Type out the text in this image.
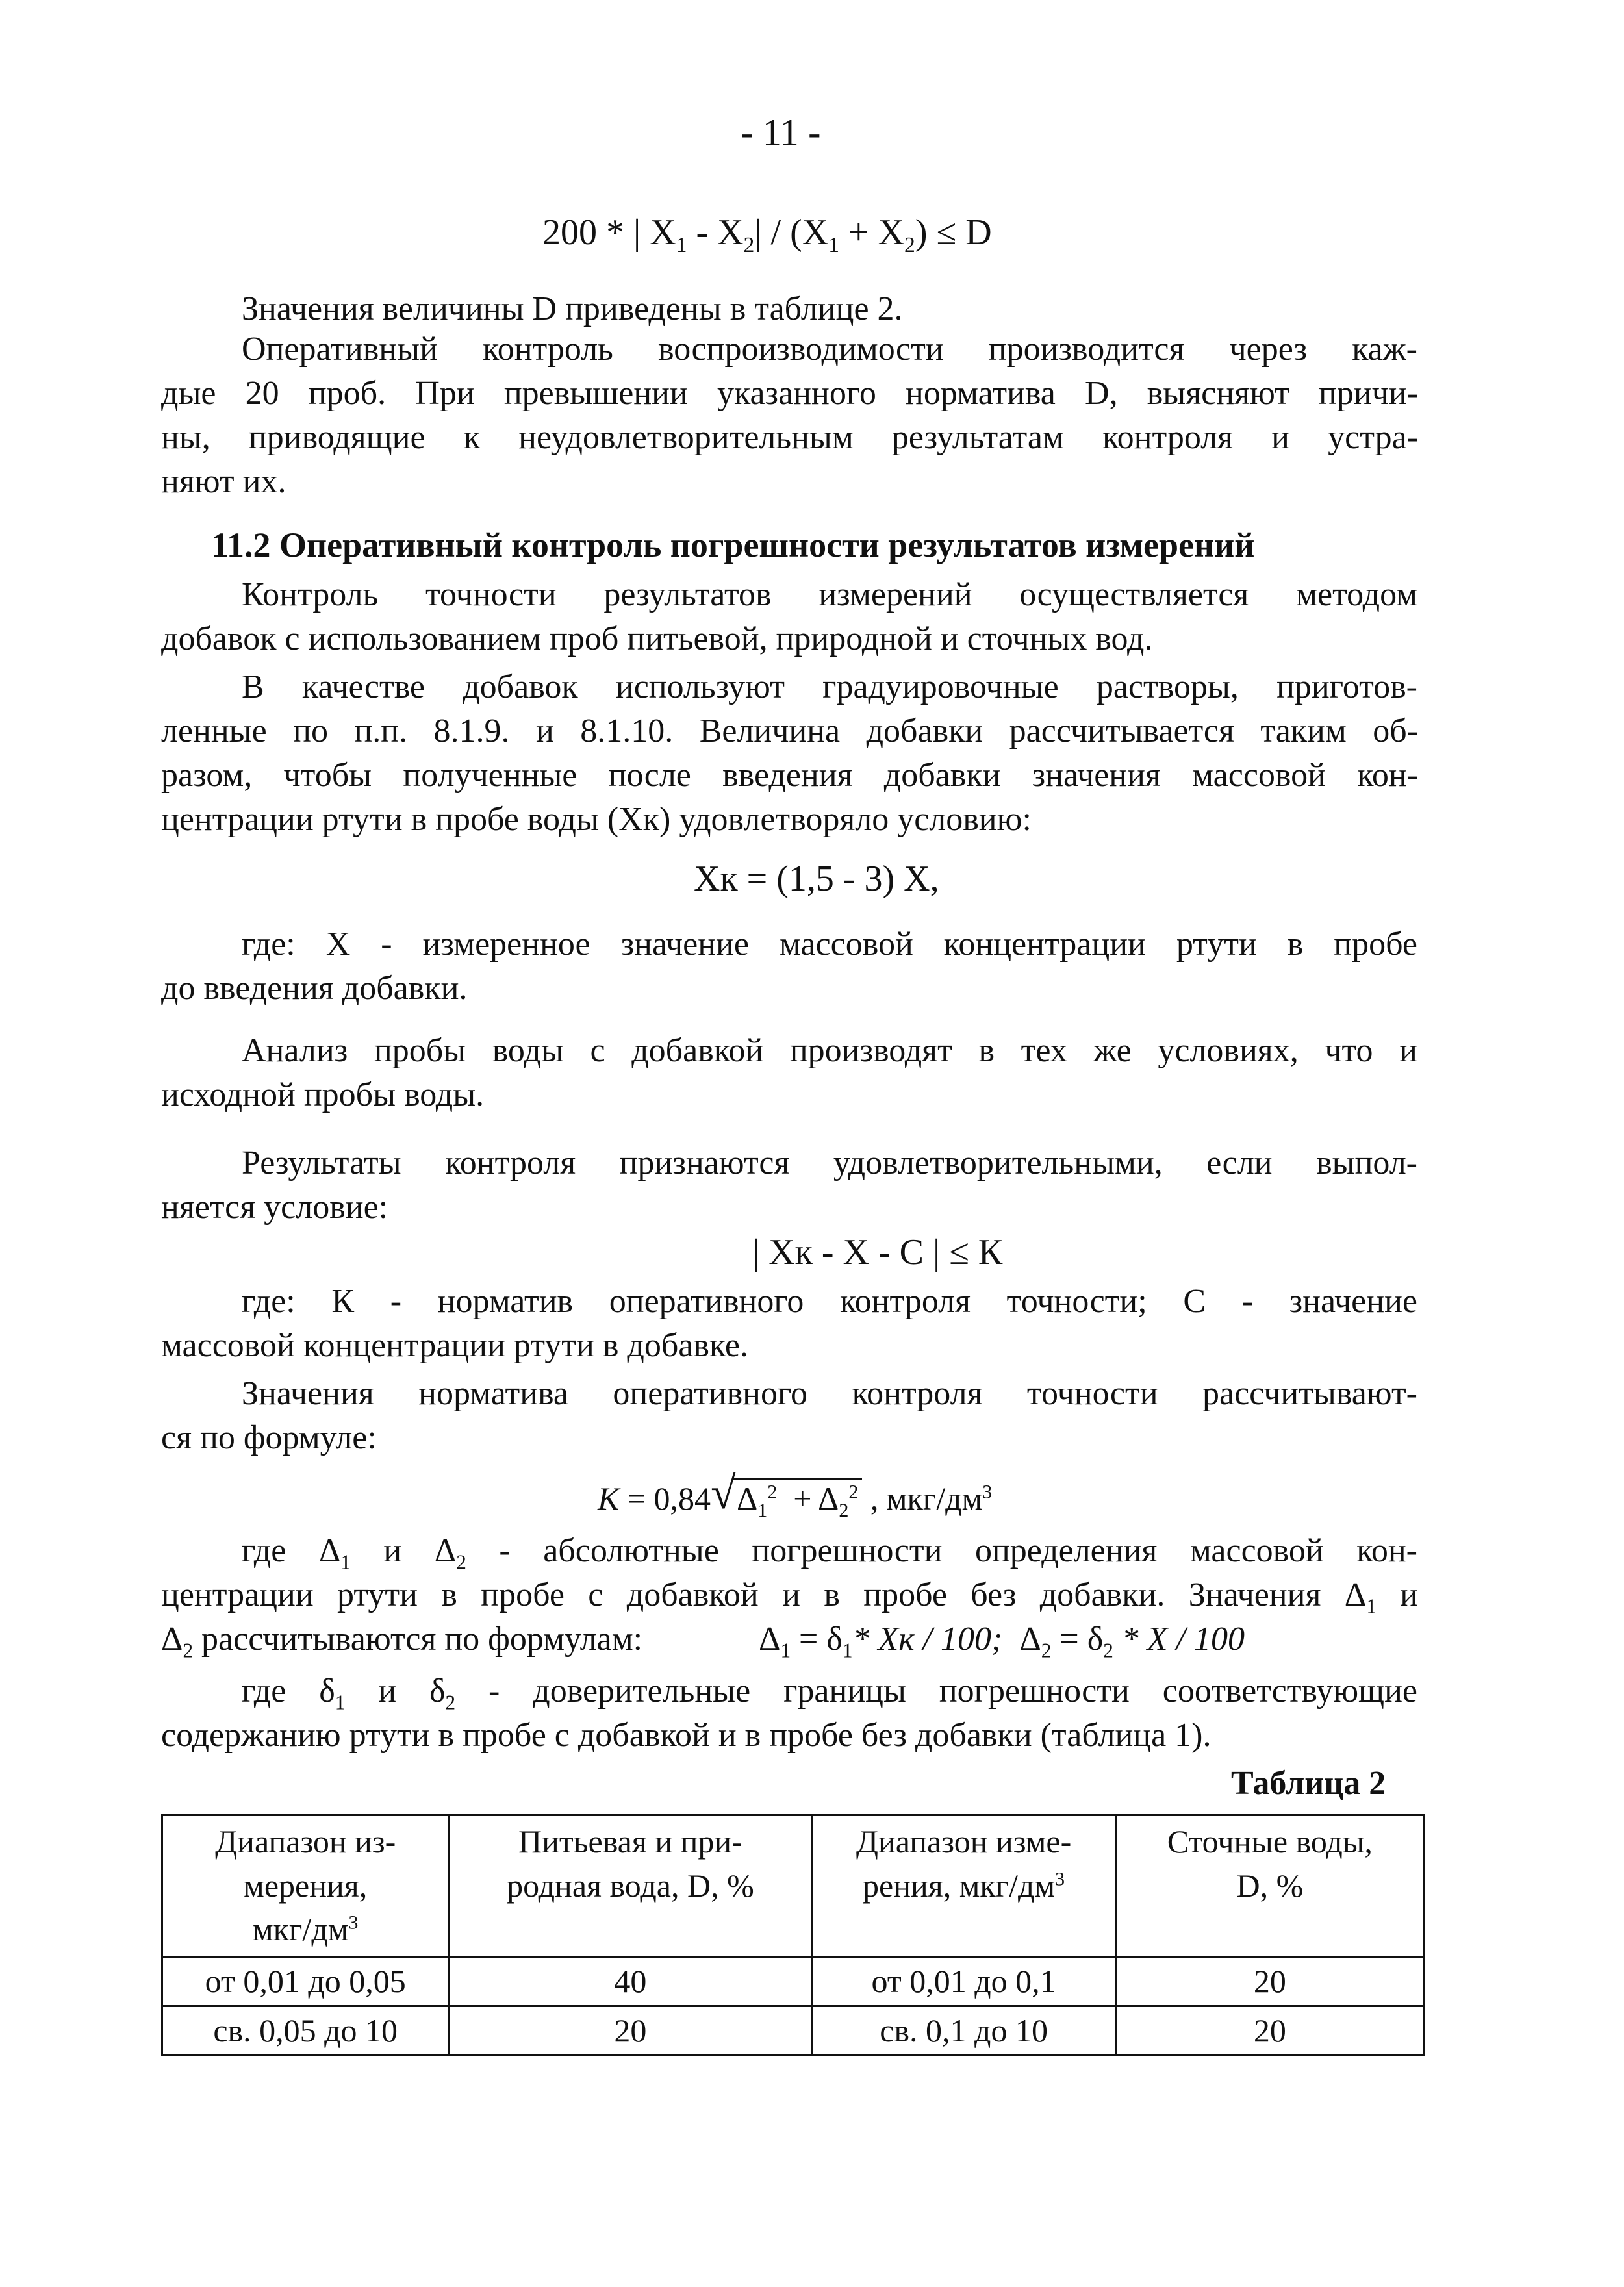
- 11 -
200 * | $X_1 - X_2| / (X_1 + X_2) \le D$
Значения величины D приведены в таблице 2.
Оперативный контроль воспроизводимости производится через каж-
дые 20 проб. При превышении указанного норматива D, выясняют причи-
ны, приводящие к неудовлетворительным результатам контроля и устра-
няют их.
11.2 Оперативный контроль погрешности результатов измерений
Контроль точности результатов измерений осуществляется методом
добавок с использованием проб питьевой, природной и сточных вод.
В качестве добавок используют градуировочные растворы, приготов-
ленные по п.п. 8.1.9. и 8.1.10. Величина добавки рассчитывается таким об-
разом, чтобы полученные после введения добавки значения массовой кон-
центрации ртути в пробе воды (Хк) удовлетворяло условию:
Хк = (1,5 - 3) Х,
где: X - измеренное значение массовой концентрации ртути в пробе
до введения добавки.
Анализ пробы воды с добавкой производят в тех же условиях, что и
исходной пробы воды.
Результаты контроля признаются удовлетворительными, если выпол-
няется условие:
| Хк - Х - С | ≤ К
где: К - норматив оперативного контроля точности; С - значение
массовой концентрации ртути в добавке.
Значения норматива оперативного контроля точности рассчитывают-
ся по формуле:
K = 0,84 √ $\Delta_1^2 + \Delta_2^2$ , мкг/$дм^3$
где $\Delta_1$ и $\Delta_2$ - абсолютные погрешности определения массовой кон-
центрации ртути в пробе с добавкой и в пробе без добавки. Значения $\Delta_1$ и
$\Delta_2$ рассчитываются по формулам:	$\Delta_1 = \delta_1*$ Хк / 100; $\Delta_2 = \delta_2 * Х / 100$
где $\delta_1$ и $\delta_2$ - доверительные границы погрешности соответствующие
содержанию ртути в пробе с добавкой и в пробе без добавки (таблица 1).
Таблица 2
Диапазон из-
мерения,
мкг/$дм^3$	Питьевая и при-
родная вода, D, %	Диапазон изме-
рения, мкг/$дм^3$	Сточные воды,
D, %
от 0,01 до 0,05	40	от 0,01 до 0,1	20
св. 0,05 до 10	20	св. 0,1 до 10	20
